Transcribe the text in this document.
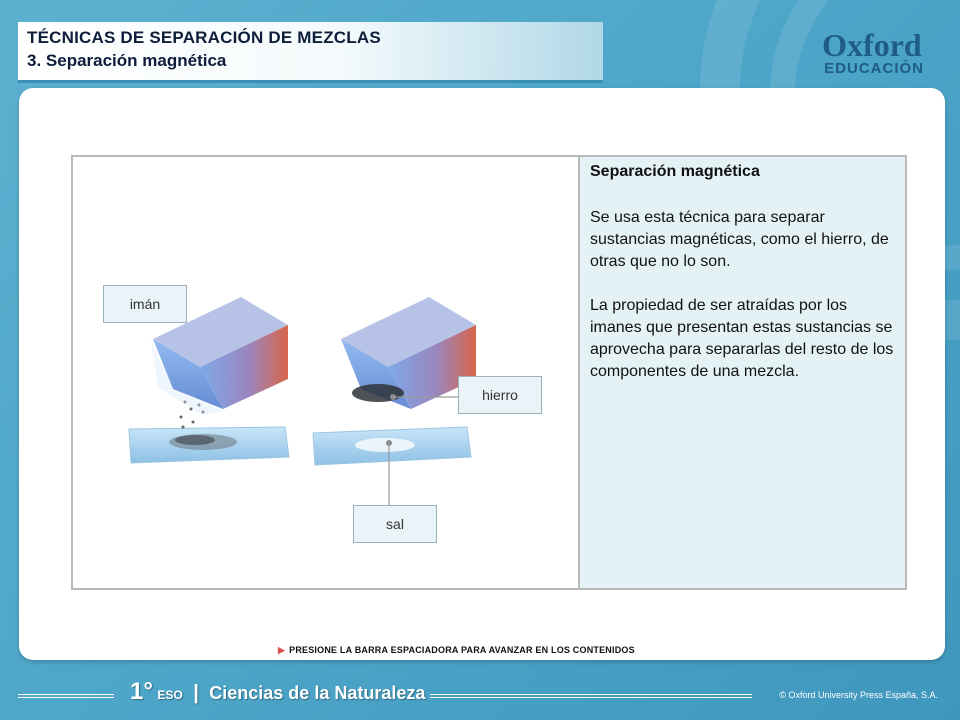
TÉCNICAS DE SEPARACIÓN DE MEZCLAS
3. Separación magnética	Oxford
EDUCACIÓN
imán
hierro
sal
Separación magnética

Se usa esta técnica para separar sustancias magnéticas, como el hierro, de otras que no lo son.

La propiedad de ser atraídas por los imanes que presentan estas sustancias se aprovecha para separarlas del resto de los componentes de una mezcla.

▶ PRESIONE LA BARRA ESPACIADORA PARA AVANZAR EN LOS CONTENIDOS
1° ESO | Ciencias de la Naturaleza	© Oxford University Press España, S.A.
